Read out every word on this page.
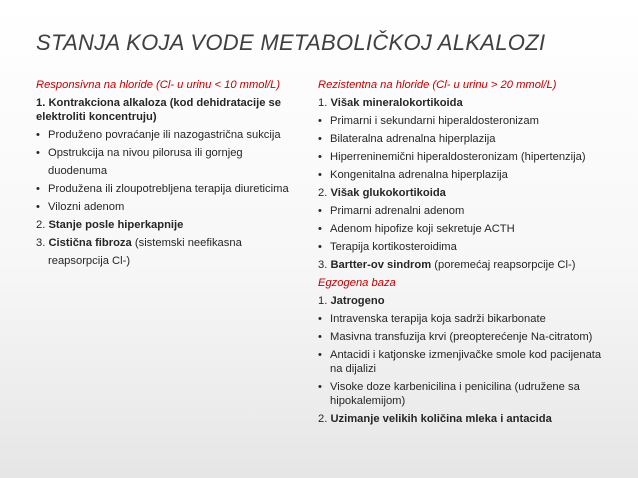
STANJA KOJA VODE METABOLIČKOJ ALKALOZI
Responsivna na hloride (Cl- u urinu < 10 mmol/L)
1. Kontrakciona alkaloza (kod dehidratacije se elektroliti koncentruju)
• Produženo povraćanje ili nazogastrična sukcija
• Opstrukcija na nivou pilorusa ili gornjeg
duodenuma
• Produžena ili zloupotrebljena terapija diureticima
• Vilozni adenom
2. Stanje posle hiperkapnije
3. Cistična fibroza (sistemski neefikasna
reapsorpcija Cl-)
Rezistentna na hloride (Cl- u urinu > 20 mmol/L)
1. Višak mineralokortikoida
• Primarni i sekundarni hiperaldosteronizam
• Bilateralna adrenalna hiperplazija
• Hiperreninemični hiperaldosteronizam (hipertenzija)
• Kongenitalna adrenalna hiperplazija
2. Višak glukokortikoida
• Primarni adrenalni adenom
• Adenom hipofize koji sekretuje ACTH
• Terapija kortikosteroidima
3. Bartter-ov sindrom (poremećaj reapsorpcije Cl-)
Egzogena baza
1. Jatrogeno
• Intravenska terapija koja sadrži bikarbonate
• Masivna transfuzija krvi (preopterećenje Na-citratom)
• Antacidi i katjonske izmenjivačke smole kod pacijenata na dijalizi
• Visoke doze karbenicilina i penicilina (udružene sa hipokalemijom)
2. Uzimanje velikih količina mleka i antacida
